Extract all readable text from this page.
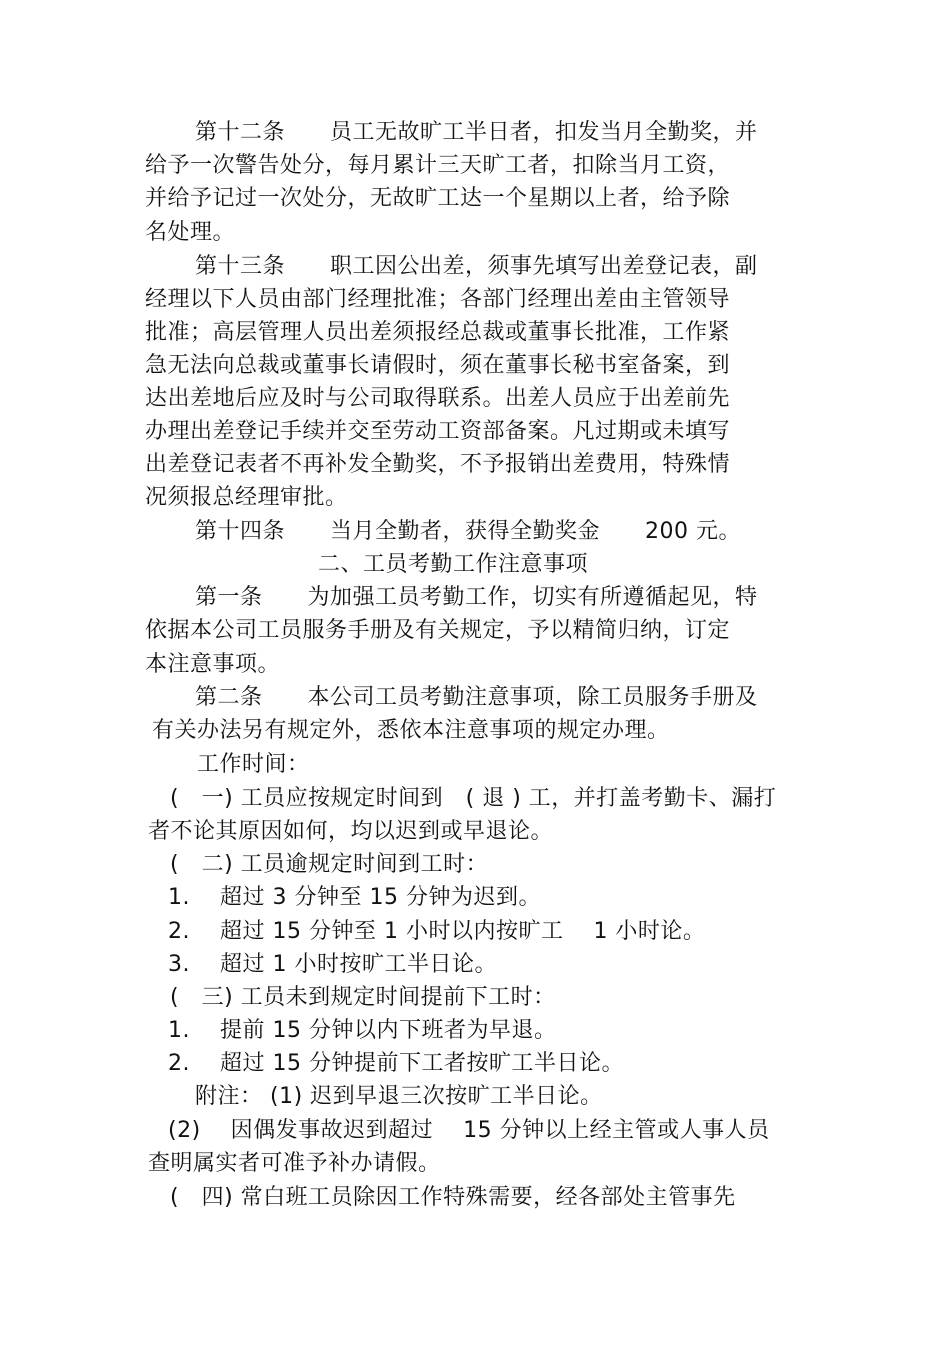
第十二条　　员工无故旷工半日者，扣发当月全勤奖，并
给予一次警告处分，每月累计三天旷工者，扣除当月工资，
并给予记过一次处分，无故旷工达一个星期以上者，给予除
名处理。
第十三条　　职工因公出差，须事先填写出差登记表，副
经理以下人员由部门经理批准；各部门经理出差由主管领导
批准；高层管理人员出差须报经总裁或董事长批准，工作紧
急无法向总裁或董事长请假时，须在董事长秘书室备案，到
达出差地后应及时与公司取得联系。出差人员应于出差前先
办理出差登记手续并交至劳动工资部备案。凡过期或未填写
出差登记表者不再补发全勤奖，不予报销出差费用，特殊情
况须报总经理审批。
第十四条　　当月全勤者，获得全勤奖金　　200 元。
二、工员考勤工作注意事项
第一条　　为加强工员考勤工作，切实有所遵循起见，特
依据本公司工员服务手册及有关规定，予以精简归纳，订定
本注意事项。
第二条　　本公司工员考勤注意事项，除工员服务手册及
有关办法另有规定外，悉依本注意事项的规定办理。
工作时间：
(　一) 工员应按规定时间到　( 退 ) 工，并打盖考勤卡、漏打
者不论其原因如何，均以迟到或早退论。
(　二) 工员逾规定时间到工时：
1.　 超过 3 分钟至 15 分钟为迟到。
2.　 超过 15 分钟至 1 小时以内按旷工　 1 小时论。
3.　 超过 1 小时按旷工半日论。
(　三) 工员未到规定时间提前下工时：
1.　 提前 15 分钟以内下班者为早退。
2.　 超过 15 分钟提前下工者按旷工半日论。
附注： (1) 迟到早退三次按旷工半日论。
(2)　 因偶发事故迟到超过　 15 分钟以上经主管或人事人员
查明属实者可准予补办请假。
(　四) 常白班工员除因工作特殊需要，经各部处主管事先
